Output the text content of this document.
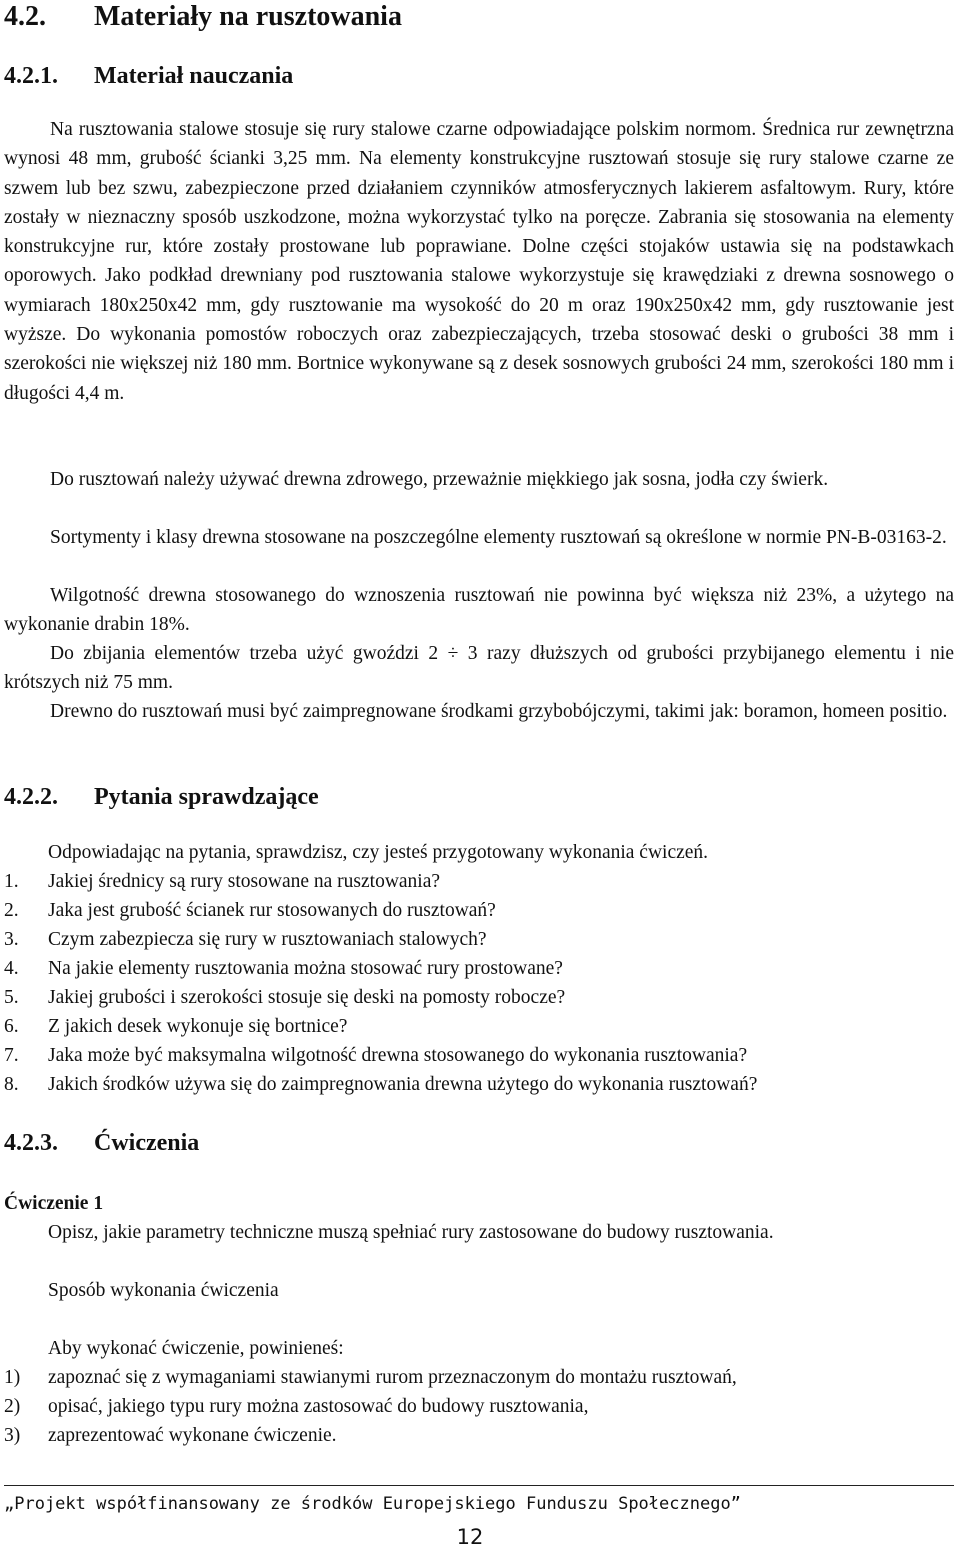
4.2. Materiały na rusztowania
4.2.1. Materiał nauczania

Na rusztowania stalowe stosuje się rury stalowe czarne odpowiadające polskim normom. Średnica rur zewnętrzna wynosi 48 mm, grubość ścianki 3,25 mm. Na elementy konstrukcyjne rusztowań stosuje się rury stalowe czarne ze szwem lub bez szwu, zabezpieczone przed działaniem czynników atmosferycznych lakierem asfaltowym. Rury, które zostały w nieznaczny sposób uszkodzone, można wykorzystać tylko na poręcze. Zabrania się stosowania na elementy konstrukcyjne rur, które zostały prostowane lub poprawiane. Dolne części stojaków ustawia się na podstawkach oporowych. Jako podkład drewniany pod rusztowania stalowe wykorzystuje się krawędziaki z drewna sosnowego o wymiarach 180x250x42 mm, gdy rusztowanie ma wysokość do 20 m oraz 190x250x42 mm, gdy rusztowanie jest wyższe. Do wykonania pomostów roboczych oraz zabezpieczających, trzeba stosować deski o grubości 38 mm i szerokości nie większej niż 180 mm. Bortnice wykonywane są z desek sosnowych grubości 24 mm, szerokości 180 mm i długości 4,4 m.

Do rusztowań należy używać drewna zdrowego, przeważnie miękkiego jak sosna, jodła czy świerk.

Sortymenty i klasy drewna stosowane na poszczególne elementy rusztowań są określone w normie PN-B-03163-2.

Wilgotność drewna stosowanego do wznoszenia rusztowań nie powinna być większa niż 23%, a użytego na wykonanie drabin 18%.

Do zbijania elementów trzeba użyć gwoździ 2 ÷ 3 razy dłuższych od grubości przybijanego elementu i nie krótszych niż 75 mm.

Drewno do rusztowań musi być zaimpregnowane środkami grzybobójczymi, takimi jak: boramon, homeen positio.

4.2.2. Pytania sprawdzające

Odpowiadając na pytania, sprawdzisz, czy jesteś przygotowany wykonania ćwiczeń.

1. Jakiej średnicy są rury stosowane na rusztowania?
2. Jaka jest grubość ścianek rur stosowanych do rusztowań?
3. Czym zabezpiecza się rury w rusztowaniach stalowych?
4. Na jakie elementy rusztowania można stosować rury prostowane?
5. Jakiej grubości i szerokości stosuje się deski na pomosty robocze?
6. Z jakich desek wykonuje się bortnice?
7. Jaka może być maksymalna wilgotność drewna stosowanego do wykonania rusztowania?
8. Jakich środków używa się do zaimpregnowania drewna użytego do wykonania rusztowań?
4.2.3. Ćwiczenia

Ćwiczenie 1

Opisz, jakie parametry techniczne muszą spełniać rury zastosowane do budowy rusztowania.

Sposób wykonania ćwiczenia

Aby wykonać ćwiczenie, powinieneś:

1) zapoznać się z wymaganiami stawianymi rurom przeznaczonym do montażu rusztowań,
2) opisać, jakiego typu rury można zastosować do budowy rusztowania,
3) zaprezentować wykonane ćwiczenie.

„Projekt współfinansowany ze środków Europejskiego Funduszu Społecznego”

12
